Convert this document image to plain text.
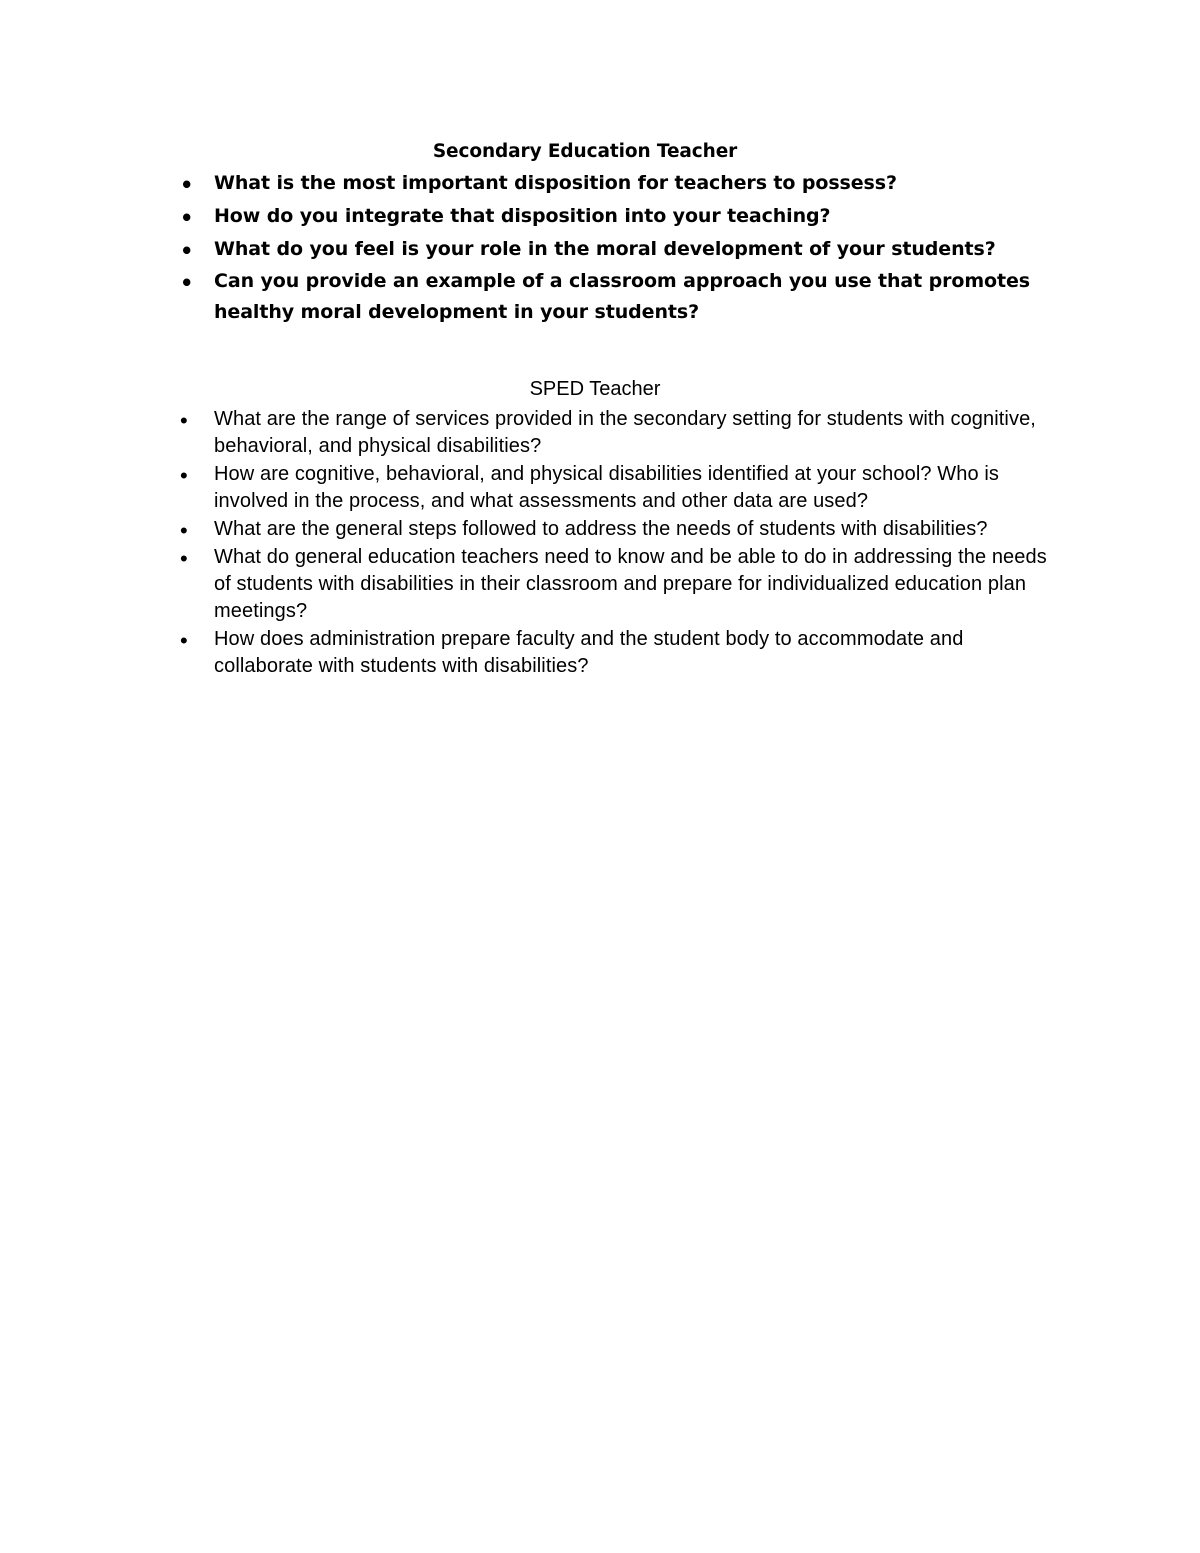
Secondary Education Teacher
• What is the most important disposition for teachers to possess?
• How do you integrate that disposition into your teaching?
• What do you feel is your role in the moral development of your students?
• Can you provide an example of a classroom approach you use that promotes healthy moral development in your students?
SPED Teacher
• What are the range of services provided in the secondary setting for students with cognitive, behavioral, and physical disabilities?
• How are cognitive, behavioral, and physical disabilities identified at your school? Who is involved in the process, and what assessments and other data are used?
• What are the general steps followed to address the needs of students with disabilities?
• What do general education teachers need to know and be able to do in addressing the needs of students with disabilities in their classroom and prepare for individualized education plan meetings?
• How does administration prepare faculty and the student body to accommodate and collaborate with students with disabilities?
